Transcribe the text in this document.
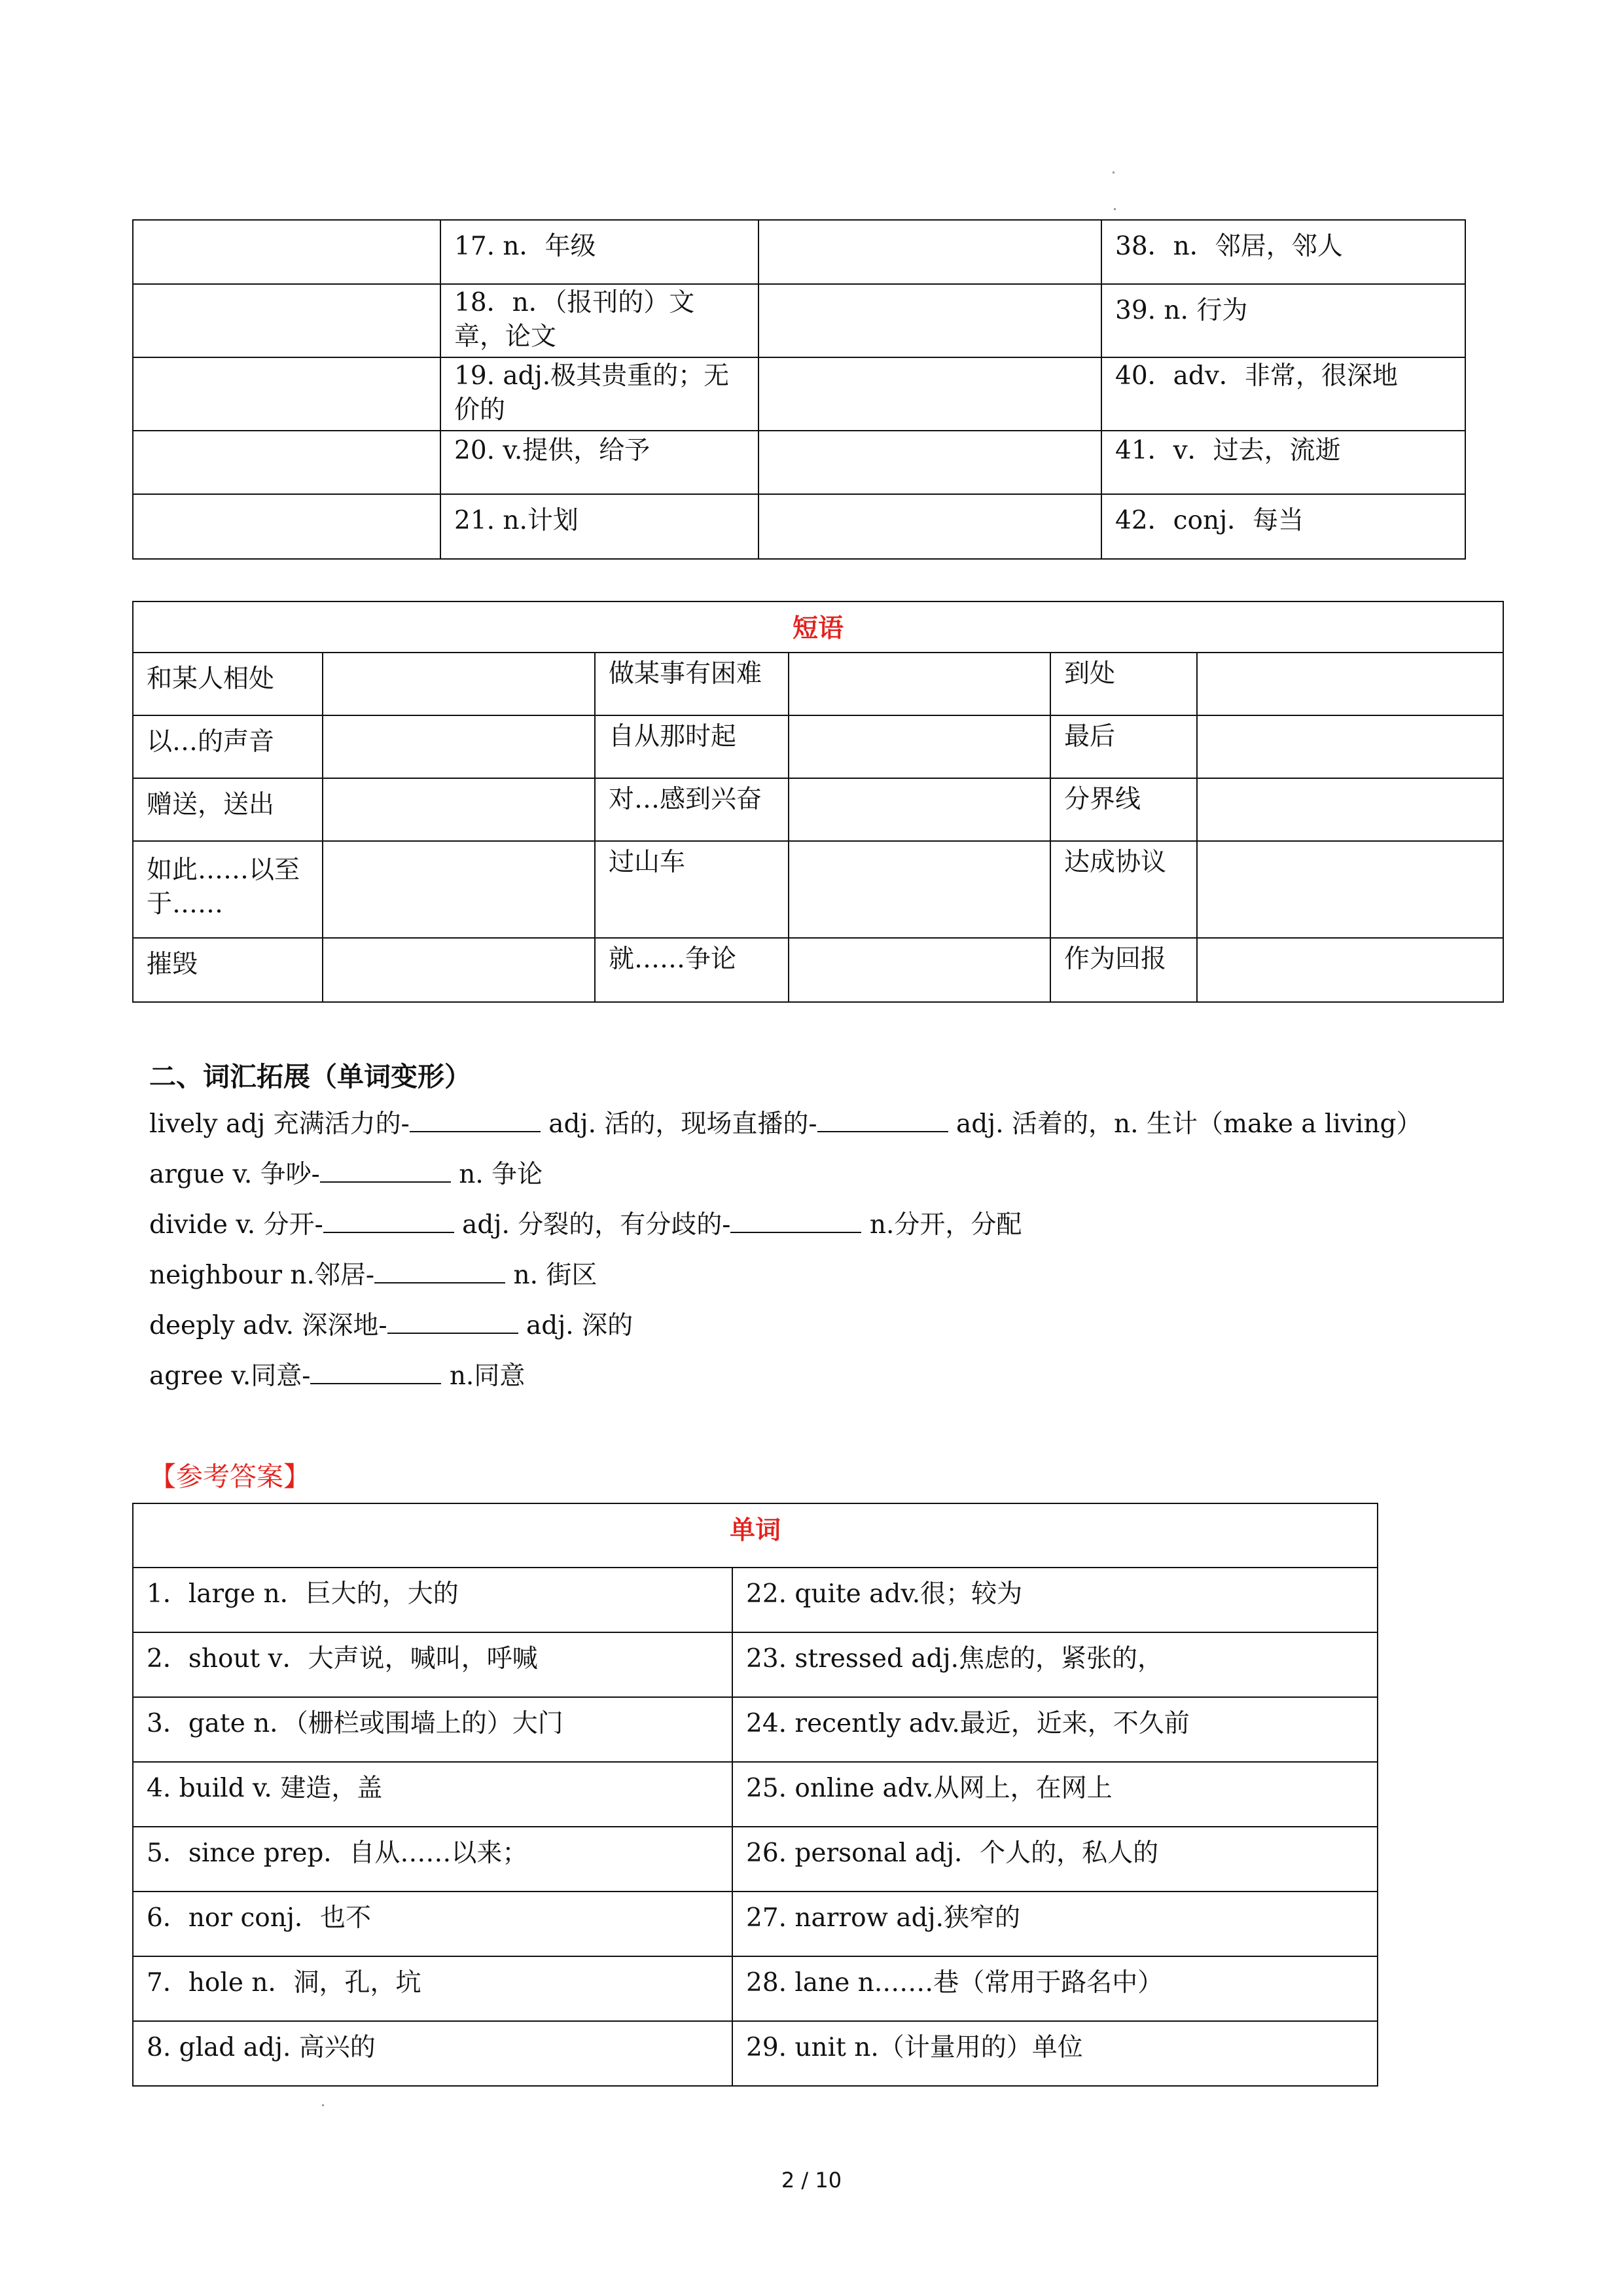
	17. n．年级		38．n．邻居，邻人
	18．n．（报刊的）文章，论文		39. n. 行为
	19. adj.极其贵重的；无价的		40．adv．非常，很深地
	20. v.提供，给予		41．v．过去，流逝
	21. n.计划		42．conj．每当
短语					
和某人相处		做某事有困难		到处	
以…的声音		自从那时起		最后	
赠送，送出		对…感到兴奋		分界线	
如此……以至于……		过山车		达成协议	
摧毁		就……争论		作为回报	
二、词汇拓展（单词变形）
lively adj 充满活力的-	adj. 活的，现场直播的-	adj. 活着的，n. 生计（make a living）
argue v. 争吵-	n. 争论
divide v. 分开-	adj. 分裂的，有分歧的-	n.分开，分配
neighbour n.邻居-	n. 街区
deeply adv. 深深地-	adj. 深的
agree v.同意-	n.同意
【参考答案】
单词	
1．large n．巨大的，大的	22. quite adv.很；较为
2．shout v．大声说，喊叫，呼喊	23. stressed adj.焦虑的，紧张的，
3．gate n．（栅栏或围墙上的）大门	24. recently adv.最近，近来，不久前
4. build v. 建造，盖	25. online adv.从网上，在网上
5．since prep．自从……以来；	26. personal adj．个人的，私人的
6．nor conj．也不	27. narrow adj.狭窄的
7．hole n．洞，孔，坑	28. lane n.……巷（常用于路名中）
8. glad adj. 高兴的	29. unit n.（计量用的）单位
2 / 10
